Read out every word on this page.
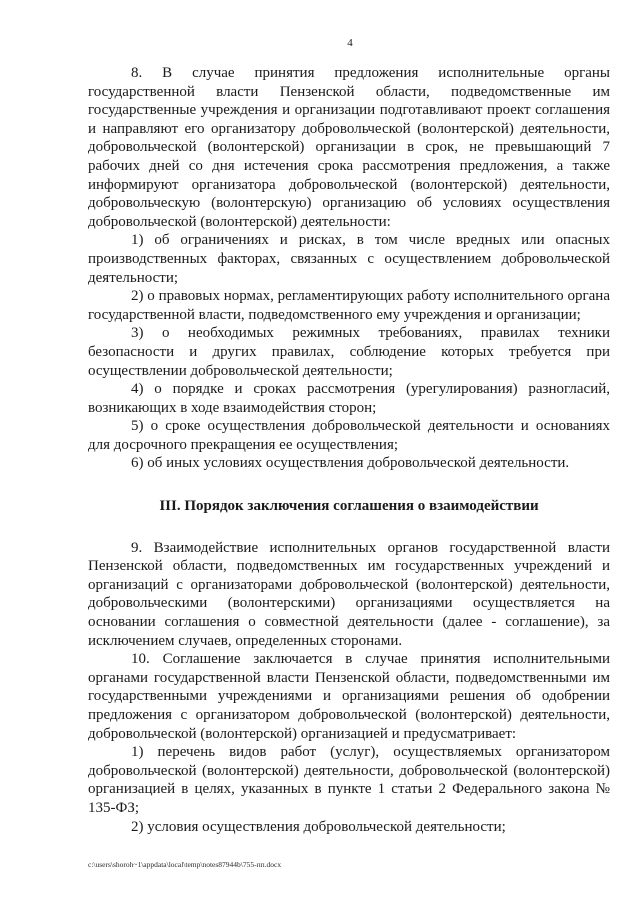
4

8. В случае принятия предложения исполнительные органы государственной власти Пензенской области, подведомственные им государственные учреждения и организации подготавливают проект соглашения и направляют его организатору добровольческой (волонтерской) деятельности, добровольческой (волонтерской) организации в срок, не превышающий 7 рабочих дней со дня истечения срока рассмотрения предложения, а также информируют организатора добровольческой (волонтерской) деятельности, добровольческую (волонтерскую) организацию об условиях осуществления добровольческой (волонтерской) деятельности:

1) об ограничениях и рисках, в том числе вредных или опасных производственных факторах, связанных с осуществлением добровольческой деятельности;

2) о правовых нормах, регламентирующих работу исполнительного органа государственной власти, подведомственного ему учреждения и организации;

3) о необходимых режимных требованиях, правилах техники безопасности и других правилах, соблюдение которых требуется при осуществлении добровольческой деятельности;

4) о порядке и сроках рассмотрения (урегулирования) разногласий, возникающих в ходе взаимодействия сторон;

5) о сроке осуществления добровольческой деятельности и основаниях для досрочного прекращения ее осуществления;

6) об иных условиях осуществления добровольческой деятельности.

III. Порядок заключения соглашения о взаимодействии

9. Взаимодействие исполнительных органов государственной власти Пензенской области, подведомственных им государственных учреждений и организаций с организаторами добровольческой (волонтерской) деятельности, добровольческими (волонтерскими) организациями осуществляется на основании соглашения о совместной деятельности (далее - соглашение), за исключением случаев, определенных сторонами.

10. Соглашение заключается в случае принятия исполнительными органами государственной власти Пензенской области, подведомственными им государственными учреждениями и организациями решения об одобрении предложения с организатором добровольческой (волонтерской) деятельности, добровольческой (волонтерской) организацией и предусматривает:

1) перечень видов работ (услуг), осуществляемых организатором добровольческой (волонтерской) деятельности, добровольческой (волонтерской) организацией в целях, указанных в пункте 1 статьи 2 Федерального закона № 135-ФЗ;

2) условия осуществления добровольческой деятельности;

c:\users\shoroh~1\appdata\local\temp\notes87944b\755-пп.docx
